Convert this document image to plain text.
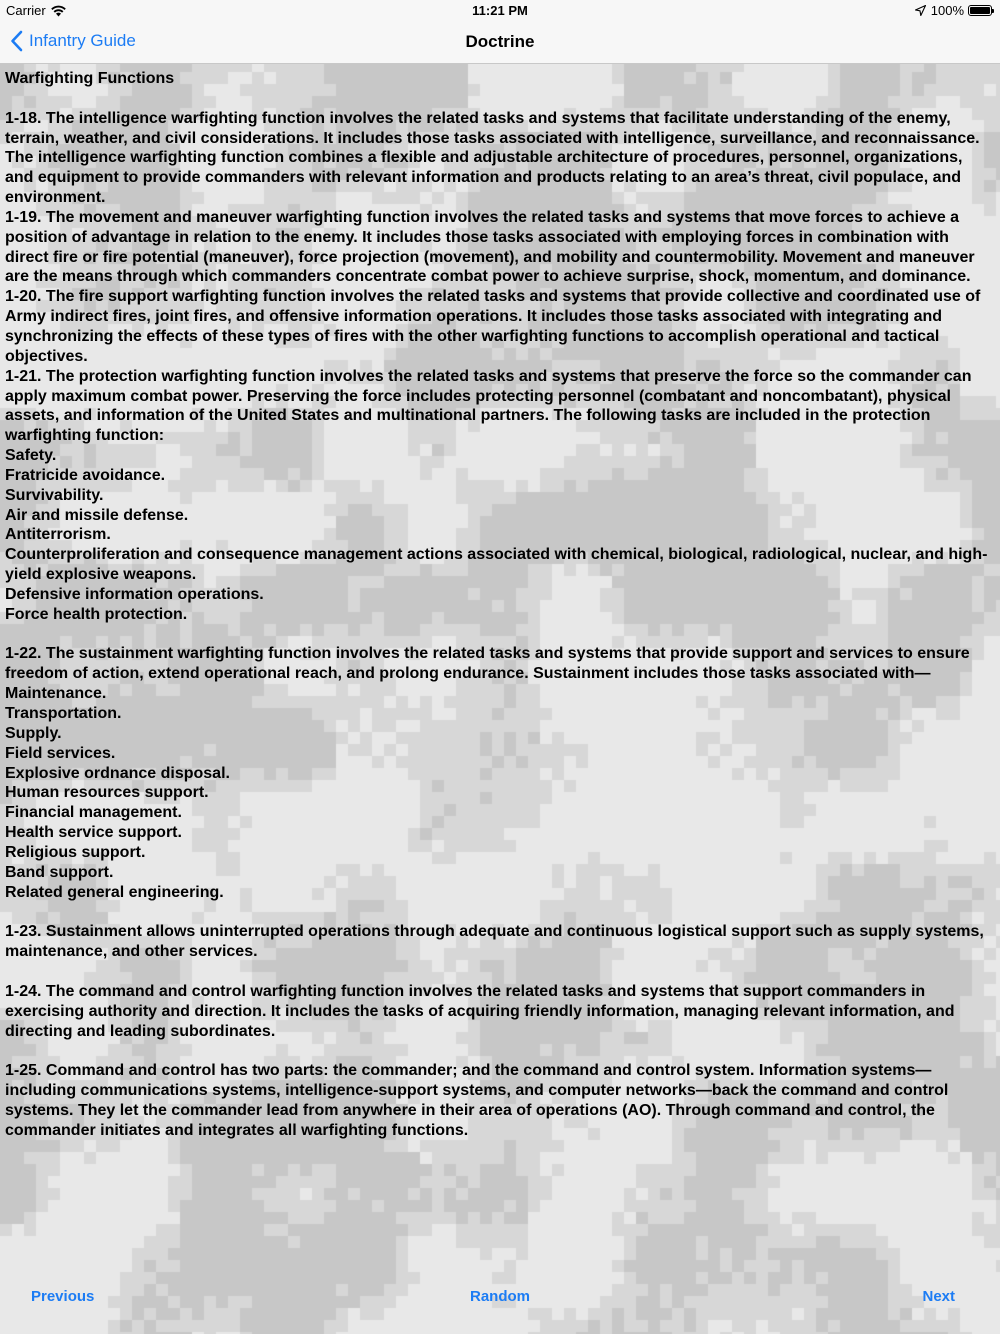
Carrier	11:21 PM	100%
Infantry Guide	Doctrine

Warfighting Functions

1-18. The intelligence warfighting function involves the related tasks and systems that facilitate understanding of the enemy, terrain, weather, and civil considerations. It includes those tasks associated with intelligence, surveillance, and reconnaissance. The intelligence warfighting function combines a flexible and adjustable architecture of procedures, personnel, organizations, and equipment to provide commanders with relevant information and products relating to an area’s threat, civil populace, and environment.

1-19. The movement and maneuver warfighting function involves the related tasks and systems that move forces to achieve a position of advantage in relation to the enemy. It includes those tasks associated with employing forces in combination with direct fire or fire potential (maneuver), force projection (movement), and mobility and countermobility. Movement and maneuver are the means through which commanders concentrate combat power to achieve surprise, shock, momentum, and dominance.

1-20. The fire support warfighting function involves the related tasks and systems that provide collective and coordinated use of Army indirect fires, joint fires, and offensive information operations. It includes those tasks associated with integrating and synchronizing the effects of these types of fires with the other warfighting functions to accomplish operational and tactical objectives.

1-21. The protection warfighting function involves the related tasks and systems that preserve the force so the commander can apply maximum combat power. Preserving the force includes protecting personnel (combatant and noncombatant), physical assets, and information of the United States and multinational partners. The following tasks are included in the protection warfighting function:

Safety.

Fratricide avoidance.

Survivability.

Air and missile defense.

Antiterrorism.

Counterproliferation and consequence management actions associated with chemical, biological, radiological, nuclear, and high-yield explosive weapons.

Defensive information operations.

Force health protection.

1-22. The sustainment warfighting function involves the related tasks and systems that provide support and services to ensure freedom of action, extend operational reach, and prolong endurance. Sustainment includes those tasks associated with—

Maintenance.

Transportation.

Supply.

Field services.

Explosive ordnance disposal.

Human resources support.

Financial management.

Health service support.

Religious support.

Band support.

Related general engineering.

1-23. Sustainment allows uninterrupted operations through adequate and continuous logistical support such as supply systems, maintenance, and other services.

1-24. The command and control warfighting function involves the related tasks and systems that support commanders in exercising authority and direction. It includes the tasks of acquiring friendly information, managing relevant information, and directing and leading subordinates.

1-25. Command and control has two parts: the commander; and the command and control system. Information systems—including communications systems, intelligence-support systems, and computer networks—back the command and control systems. They let the commander lead from anywhere in their area of operations (AO). Through command and control, the commander initiates and integrates all warfighting functions.

Previous	Random	Next
